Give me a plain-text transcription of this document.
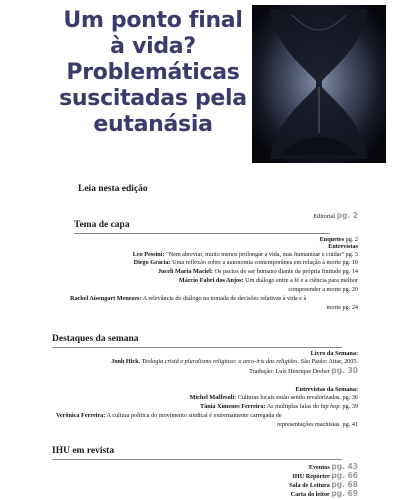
Um ponto final
à vida?
Problemáticas
suscitadas pela
eutanásia
Leia nesta edição
Tema de capa
Editorial pg. 2
Enquetes pg. 2
Entrevistas
Leo Pessini: "Nem abreviar, muito menos prolongar a vida, mas humanizar e cuidar" pg. 3
Diego Gracia: Uma reflexão sobre a autonomia contemporânea em relação à morte pg. 10
Juceli Maria Maciel: Os pactos do ser humano diante da própria finitude pg. 14
Márcio Fabri dos Anjos: Um diálogo entre a fé e a ciência para melhor
compreender a morte pg. 20
Rachel Aisengart Menezes: A relevância do diálogo na tomada de decisões relativas à vida e à
morte pg. 24
Destaques da semana
Livro da Semana:
Jonh Hick. Teologia cristã e pluralismo religioso: o arco-íris das religiões. São Paulo: Attar, 2005.
Tradução: Luís Henrique Dreher pg. 30
Entrevistas da Semana:
Michel Maffesoli: Culturas locais estão sendo revalorizadas. pg. 36
Tânia Ximenes Ferreira: As múltiplas falas do hip hop. pg. 39
Verônica Ferreira: A cultura política do movimento sindical é extremamente carregada de
representações machistas. pg. 41
IHU em revista
Eventos pg. 43
IHU Repórter pg. 66
Sala de Leitura pg. 68
Carta do leitor pg. 69
